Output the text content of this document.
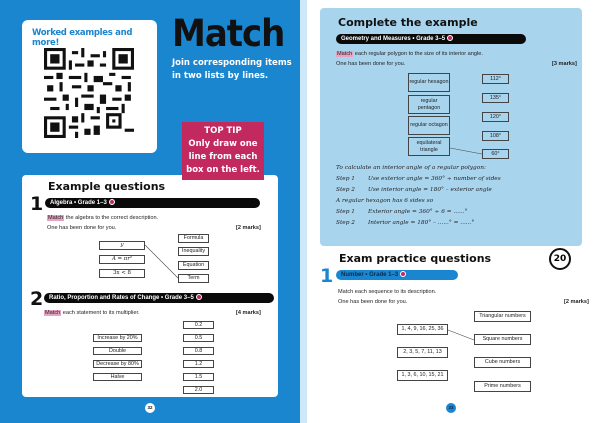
Worked examples and more!	Match
Join corresponding items in two lists by lines.
Example questions
1	Algebra • Grade 1–3
Match the algebra to the correct description.
One has been done for you.	[2 marks]
y
A = πr²
3x < 8
Formula
Inequality
Equation
Term
2 Ratio, Proportion and Rates of Change • Grade 3–5
Match each statement to its multiplier.	[4 marks]
Increase by 20%
Double
Decrease by 80%
Halve
0.2
0.5
0.8
1.2
1.5
2.0
TOP TIP
Only draw one
line from each
box on the left.
32
Complete the example
Geometry and Measures • Grade 3–5
Match each regular polygon to the size of its interior angle.
One has been done for you.	[3 marks]
regular hexagon
regular pentagon
regular octagon
equilateral triangle
112°
135°
120°
108°
60°
To calculate an interior angle of a regular polygon:
Step 1 Use exterior angle = 360° ÷ number of sides
Step 2 Use interior angle = 180° – exterior angle
A regular hexagon has 6 sides so
Step 1 Exterior angle = 360° ÷ 6 = ......°
Step 2 Interior angle = 180° – ......° = ......°
Exam practice questions
1	Number • Grade 1–3
Match each sequence to its description.
One has been done for you.	[2 marks]
1, 4, 9, 16, 25, 36
2, 3, 5, 7, 11, 13
1, 3, 6, 10, 15, 21
Triangular numbers
Square numbers
Cube numbers
Prime numbers
33
20
